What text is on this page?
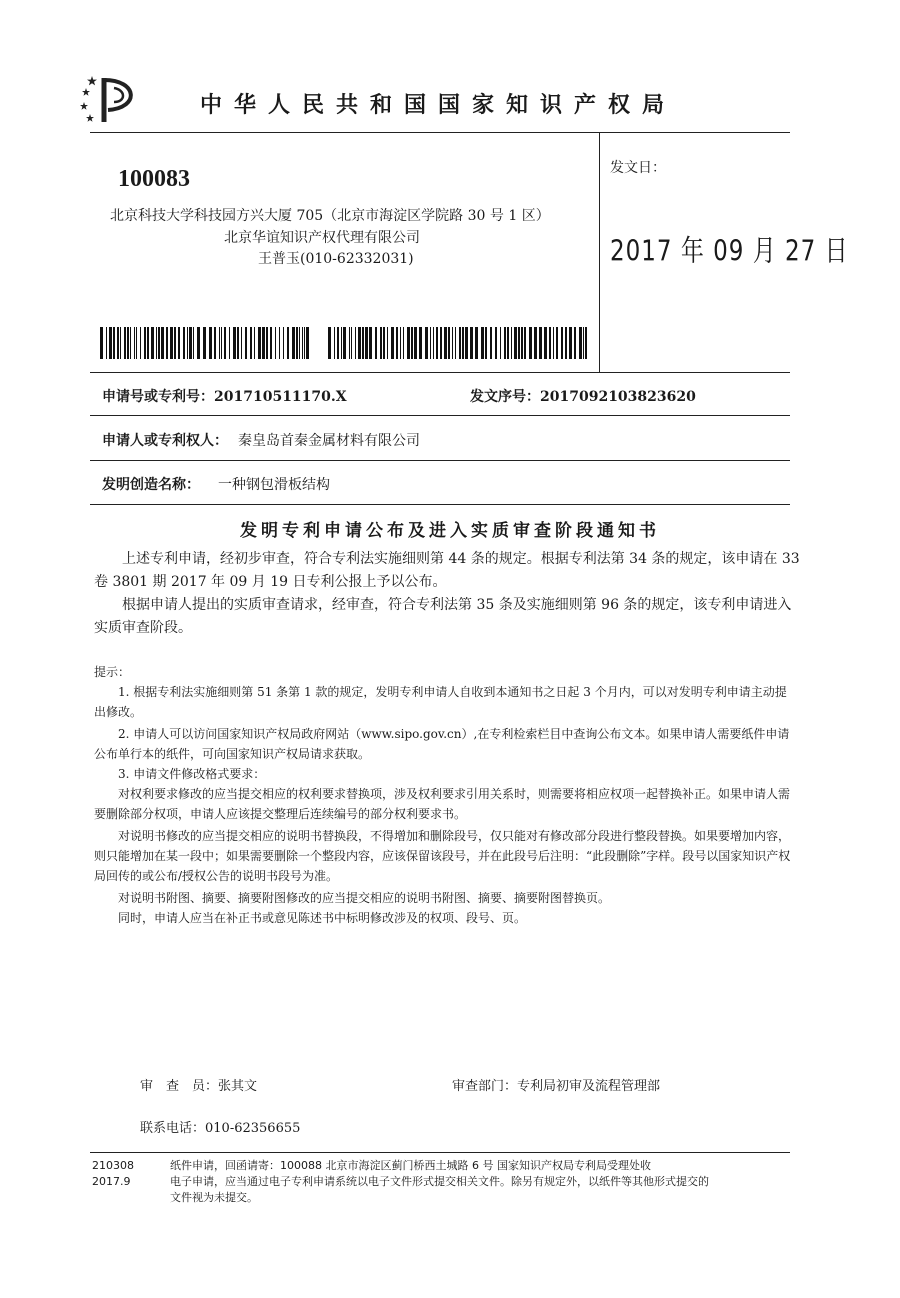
中华人民共和国国家知识产权局
100083
北京科技大学科技园方兴大厦 705（北京市海淀区学院路 30 号 1 区）
北京华谊知识产权代理有限公司
王普玉(010-62332031)
发文日：
2017 年 09 月 27 日
申请号或专利号：201710511170.X	发文序号：2017092103823620
申请人或专利权人： 秦皇岛首秦金属材料有限公司
发明创造名称： 一种钢包滑板结构
发明专利申请公布及进入实质审查阶段通知书

上述专利申请，经初步审查，符合专利法实施细则第 44 条的规定。根据专利法第 34 条的规定，该申请在 33 卷 3801 期 2017 年 09 月 19 日专利公报上予以公布。

根据申请人提出的实质审查请求，经审查，符合专利法第 35 条及实施细则第 96 条的规定，该专利申请进入实质审查阶段。

提示：
1. 根据专利法实施细则第 51 条第 1 款的规定，发明专利申请人自收到本通知书之日起 3 个月内，可以对发明专利申请主动提出修改。
2. 申请人可以访问国家知识产权局政府网站（www.sipo.gov.cn）,在专利检索栏目中查询公布文本。如果申请人需要纸件申请公布单行本的纸件，可向国家知识产权局请求获取。
3. 申请文件修改格式要求：
对权利要求修改的应当提交相应的权利要求替换项，涉及权利要求引用关系时，则需要将相应权项一起替换补正。如果申请人需要删除部分权项，申请人应该提交整理后连续编号的部分权利要求书。
对说明书修改的应当提交相应的说明书替换段，不得增加和删除段号，仅只能对有修改部分段进行整段替换。如果要增加内容，则只能增加在某一段中；如果需要删除一个整段内容，应该保留该段号，并在此段号后注明：“此段删除”字样。段号以国家知识产权局回传的或公布/授权公告的说明书段号为准。
对说明书附图、摘要、摘要附图修改的应当提交相应的说明书附图、摘要、摘要附图替换页。
同时，申请人应当在补正书或意见陈述书中标明修改涉及的权项、段号、页。
审　查　员：张其文	审查部门：专利局初审及流程管理部
联系电话：010-62356655
210308
2017.9
纸件申请，回函请寄：100088 北京市海淀区蓟门桥西土城路 6 号 国家知识产权局专利局受理处收
电子申请，应当通过电子专利申请系统以电子文件形式提交相关文件。除另有规定外，以纸件等其他形式提交的
文件视为未提交。
